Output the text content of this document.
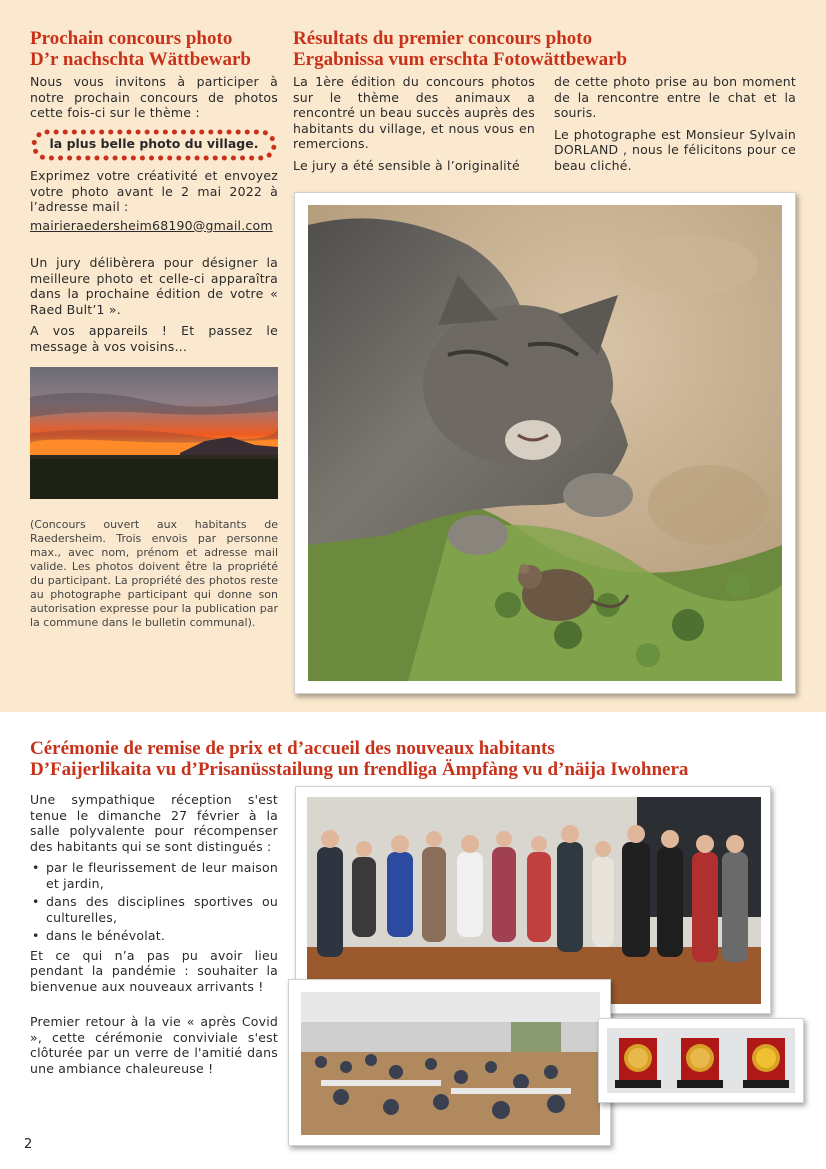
Prochain concours photo
D’r nachschta Wättbewarb

Nous vous invitons à participer à notre prochain concours de photos cette fois-ci sur le thème :

la plus belle photo du village.

Exprimez votre créativité et envoyez votre photo avant le 2 mai 2022 à l’adresse mail :

mairieraedersheim68190@gmail.com

Un jury délibèrera pour désigner la meilleure photo et celle-ci apparaîtra dans la prochaine édition de votre « Raed Bult’1 ».

A vos appareils ! Et passez le message à vos voisins…

(Concours ouvert aux habitants de Raedersheim. Trois envois par personne max., avec nom, prénom et adresse mail valide. Les photos doivent être la propriété du participant. La propriété des photos reste au photographe participant qui donne son autorisation expresse pour la publication par la commune dans le bulletin communal).
Résultats du premier concours photo
Ergabnissa vum erschta Fotowättbewarb

La 1ère édition du concours photos sur le thème des animaux a rencontré un beau succès auprès des habitants du village, et nous vous en remercions.

Le jury a été sensible à l’originalité

de cette photo prise au bon moment de la rencontre entre le chat et la souris.

Le photographe est Monsieur Sylvain DORLAND , nous le félicitons pour ce beau cliché.

Cérémonie de remise de prix et d’accueil des nouveaux habitants
D’Faijerlikaita vu d’Prisanüsstailung un frendliga Ämpfàng vu d’näija Iwohnera

Une sympathique réception s'est tenue le dimanche 27 février à la salle polyvalente pour récompenser des habitants qui se sont distingués :

• par le fleurissement de leur maison et jardin,
• dans des disciplines sportives ou culturelles,
• dans le bénévolat.

Et ce qui n’a pas pu avoir lieu pendant la pandémie : souhaiter la bienvenue aux nouveaux arrivants !

Premier retour à la vie « après Covid », cette cérémonie conviviale s'est clôturée par un verre de l'amitié dans une ambiance chaleureuse !

2
